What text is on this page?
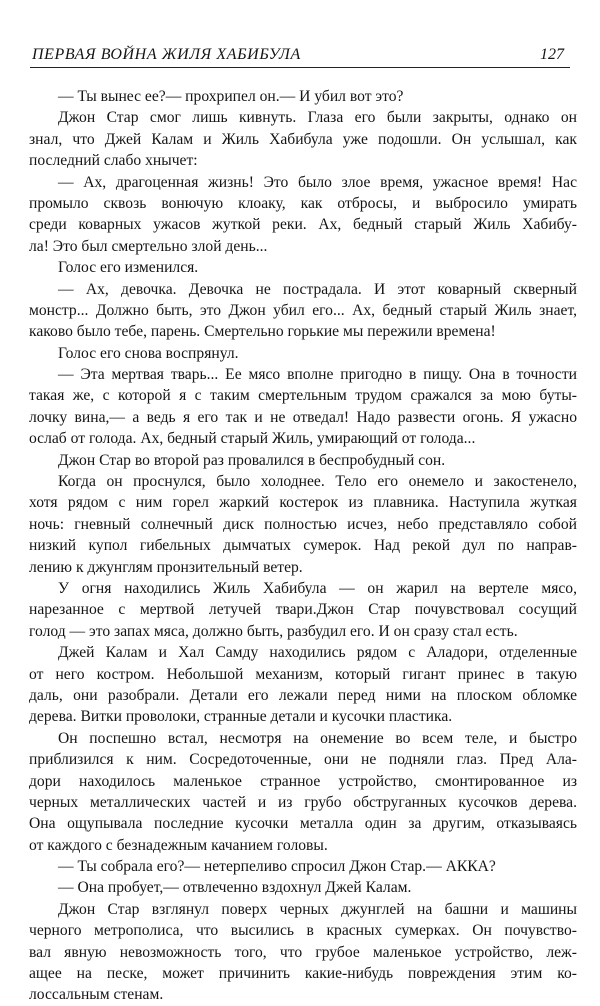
ПЕРВАЯ ВОЙНА ЖИЛЯ ХАБИБУЛА	127
— Ты вынес ее?— прохрипел он.— И убил вот это?
Джон Стар смог лишь кивнуть. Глаза его были закрыты, однако он
знал, что Джей Калам и Жиль Хабибула уже подошли. Он услышал, как
последний слабо хнычет:
— Ах, драгоценная жизнь! Это было злое время, ужасное время! Нас
промыло сквозь вонючую клоаку, как отбросы, и выбросило умирать
среди коварных ужасов жуткой реки. Ах, бедный старый Жиль Хабибу-
ла! Это был смертельно злой день...
Голос его изменился.
— Ах, девочка. Девочка не пострадала. И этот коварный скверный
монстр... Должно быть, это Джон убил его... Ах, бедный старый Жиль знает,
каково было тебе, парень. Смертельно горькие мы пережили времена!
Голос его снова воспрянул.
— Эта мертвая тварь... Ее мясо вполне пригодно в пищу. Она в точности
такая же, с которой я с таким смертельным трудом сражался за мою буты-
лочку вина,— а ведь я его так и не отведал! Надо развести огонь. Я ужасно
ослаб от голода. Ах, бедный старый Жиль, умирающий от голода...
Джон Стар во второй раз провалился в беспробудный сон.
Когда он проснулся, было холоднее. Тело его онемело и закостенело,
хотя рядом с ним горел жаркий костерок из плавника. Наступила жуткая
ночь: гневный солнечный диск полностью исчез, небо представляло собой
низкий купол гибельных дымчатых сумерок. Над рекой дул по направ-
лению к джунглям пронзительный ветер.
У огня находились Жиль Хабибула — он жарил на вертеле мясо,
нарезанное с мертвой летучей твари.Джон Стар почувствовал сосущий
голод — это запах мяса, должно быть, разбудил его. И он сразу стал есть.
Джей Калам и Хал Самду находились рядом с Аладори, отделенные
от него костром. Небольшой механизм, который гигант принес в такую
даль, они разобрали. Детали его лежали перед ними на плоском обломке
дерева. Витки проволоки, странные детали и кусочки пластика.
Он поспешно встал, несмотря на онемение во всем теле, и быстро
приблизился к ним. Сосредоточенные, они не подняли глаз. Пред Ала-
дори находилось маленькое странное устройство, смонтированное из
черных металлических частей и из грубо обструганных кусочков дерева.
Она ощупывала последние кусочки металла один за другим, отказываясь
от каждого с безнадежным качанием головы.
— Ты собрала его?— нетерпеливо спросил Джон Стар.— АККА?
— Она пробует,— отвлеченно вздохнул Джей Калам.
Джон Стар взглянул поверх черных джунглей на башни и машины
черного метрополиса, что высились в красных сумерках. Он почувство-
вал явную невозможность того, что грубое маленькое устройство, леж-
ащее на песке, может причинить какие-нибудь повреждения этим ко-
лоссальным стенам.
